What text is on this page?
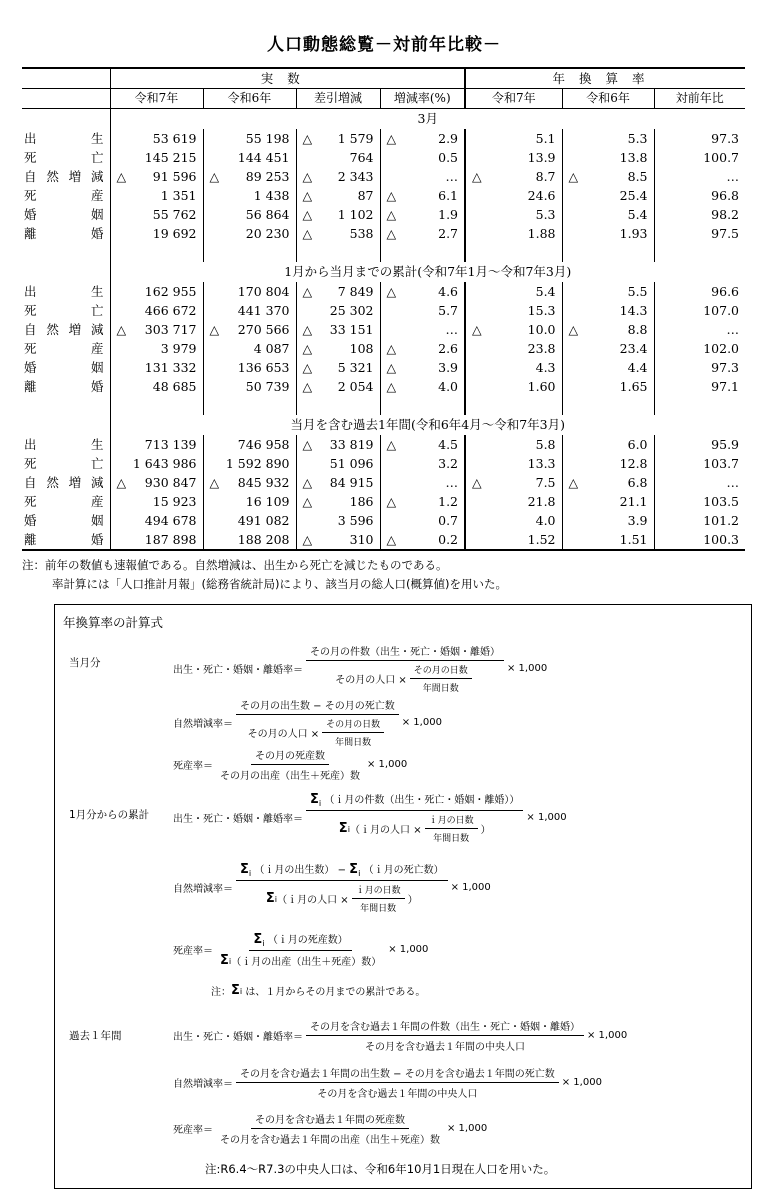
人口動態総覧－対前年比較－
	実数				年換算率		
	令和7年	令和6年	差引増減	増減率(%)	令和7年	令和6年	対前年比
	3月						
出生	53 619	55 198	△ 1 579	△ 2.9	5.1	5.3	97.3
死亡	145 215	144 451	764	0.5	13.9	13.8	100.7
自然増減	△ 91 596	△ 89 253	△ 2 343	…	△ 8.7	△ 8.5	…
死産	1 351	1 438	△ 87	△ 6.1	24.6	25.4	96.8
婚姻	55 762	56 864	△ 1 102	△ 1.9	5.3	5.4	98.2
離婚	19 692	20 230	△ 538	△ 2.7	1.88	1.93	97.5

	1月から当月までの累計(令和7年1月～令和7年3月)						
出生	162 955	170 804	△ 7 849	△ 4.6	5.4	5.5	96.6
死亡	466 672	441 370	25 302	5.7	15.3	14.3	107.0
自然増減	△ 303 717	△ 270 566	△ 33 151	…	△ 10.0	△ 8.8	…
死産	3 979	4 087	△ 108	△ 2.6	23.8	23.4	102.0
婚姻	131 332	136 653	△ 5 321	△ 3.9	4.3	4.4	97.3
離婚	48 685	50 739	△ 2 054	△ 4.0	1.60	1.65	97.1

	当月を含む過去1年間(令和6年4月～令和7年3月)						
出生	713 139	746 958	△ 33 819	△ 4.5	5.8	6.0	95.9
死亡	1 643 986	1 592 890	51 096	3.2	13.3	12.8	103.7
自然増減	△ 930 847	△ 845 932	△ 84 915	…	△ 7.5	△ 6.8	…
死産	15 923	16 109	△ 186	△ 1.2	21.8	21.1	103.5
婚姻	494 678	491 082	3 596	0.7	4.0	3.9	101.2
離婚	187 898	188 208	△ 310	△ 0.2	1.52	1.51	100.3
注：前年の数値も速報値である。自然増減は、出生から死亡を減じたものである。
率計算には「人口推計月報」(総務省統計局)により、該当月の総人口(概算値)を用いた。
年換算率の計算式
当月分
出生・死亡・婚姻・離婚率＝ $\frac{\text{その月の件数（出生・死亡・婚姻・離婚）}}{その月の人口 \times \frac{\text{その月の日数}}{\text{年間日数}}} \times 1,000$
自然増減率＝ $\frac{\text{その月の出生数 − その月の死亡数}}{その月の人口 \times \frac{\text{その月の日数}}{\text{年間日数}}} \times 1,000$
死産率＝ $\frac{\text{その月の死産数}}{\text{その月の出産（出生＋死産）数}} \times 1,000$
1月分からの累計 出生・死亡・婚姻・離婚率＝ $\frac{\Sigma_i (i月の件数(出生・死亡・婚姻・離婚))}{\Sigma i (i月の人口 \times \frac{\text{ｉ月の日数}}{\text{年間日数}} )} \times 1,000$
自然増減率＝ $\frac{\Sigma_i (i月の出生数) - \Sigma_i (i月の死亡数)}{\Sigma i (i月の人口 \times \frac{\text{ｉ月の日数}}{\text{年間日数}} )} \times 1,000$
死産率＝ $\frac{\Sigma_i (i月の死産数)}{\text{Σ i （ｉ月の出産（出生＋死産）数）}} \times 1,000$
注： Σ i
は、１月からその月までの累計である。
過去１年間	出生・死亡・婚姻・離婚率＝ $\frac{\text{その月を含む過去１年間の件数（出生・死亡・婚姻・離婚）}}{\text{その月を含む過去１年間の中央人口}} \times 1,000$
自然増減率＝ $\frac{\text{その月を含む過去１年間の出生数 − その月を含む過去１年間の死亡数}}{\text{その月を含む過去１年間の中央人口}} \times 1,000$
死産率＝ $\frac{\text{その月を含む過去１年間の死産数}}{\text{その月を含む過去１年間の出産（出生＋死産）数}} \times 1,000$
注:R6.4～R7.3の中央人口は、令和6年10月1日現在人口を用いた。
